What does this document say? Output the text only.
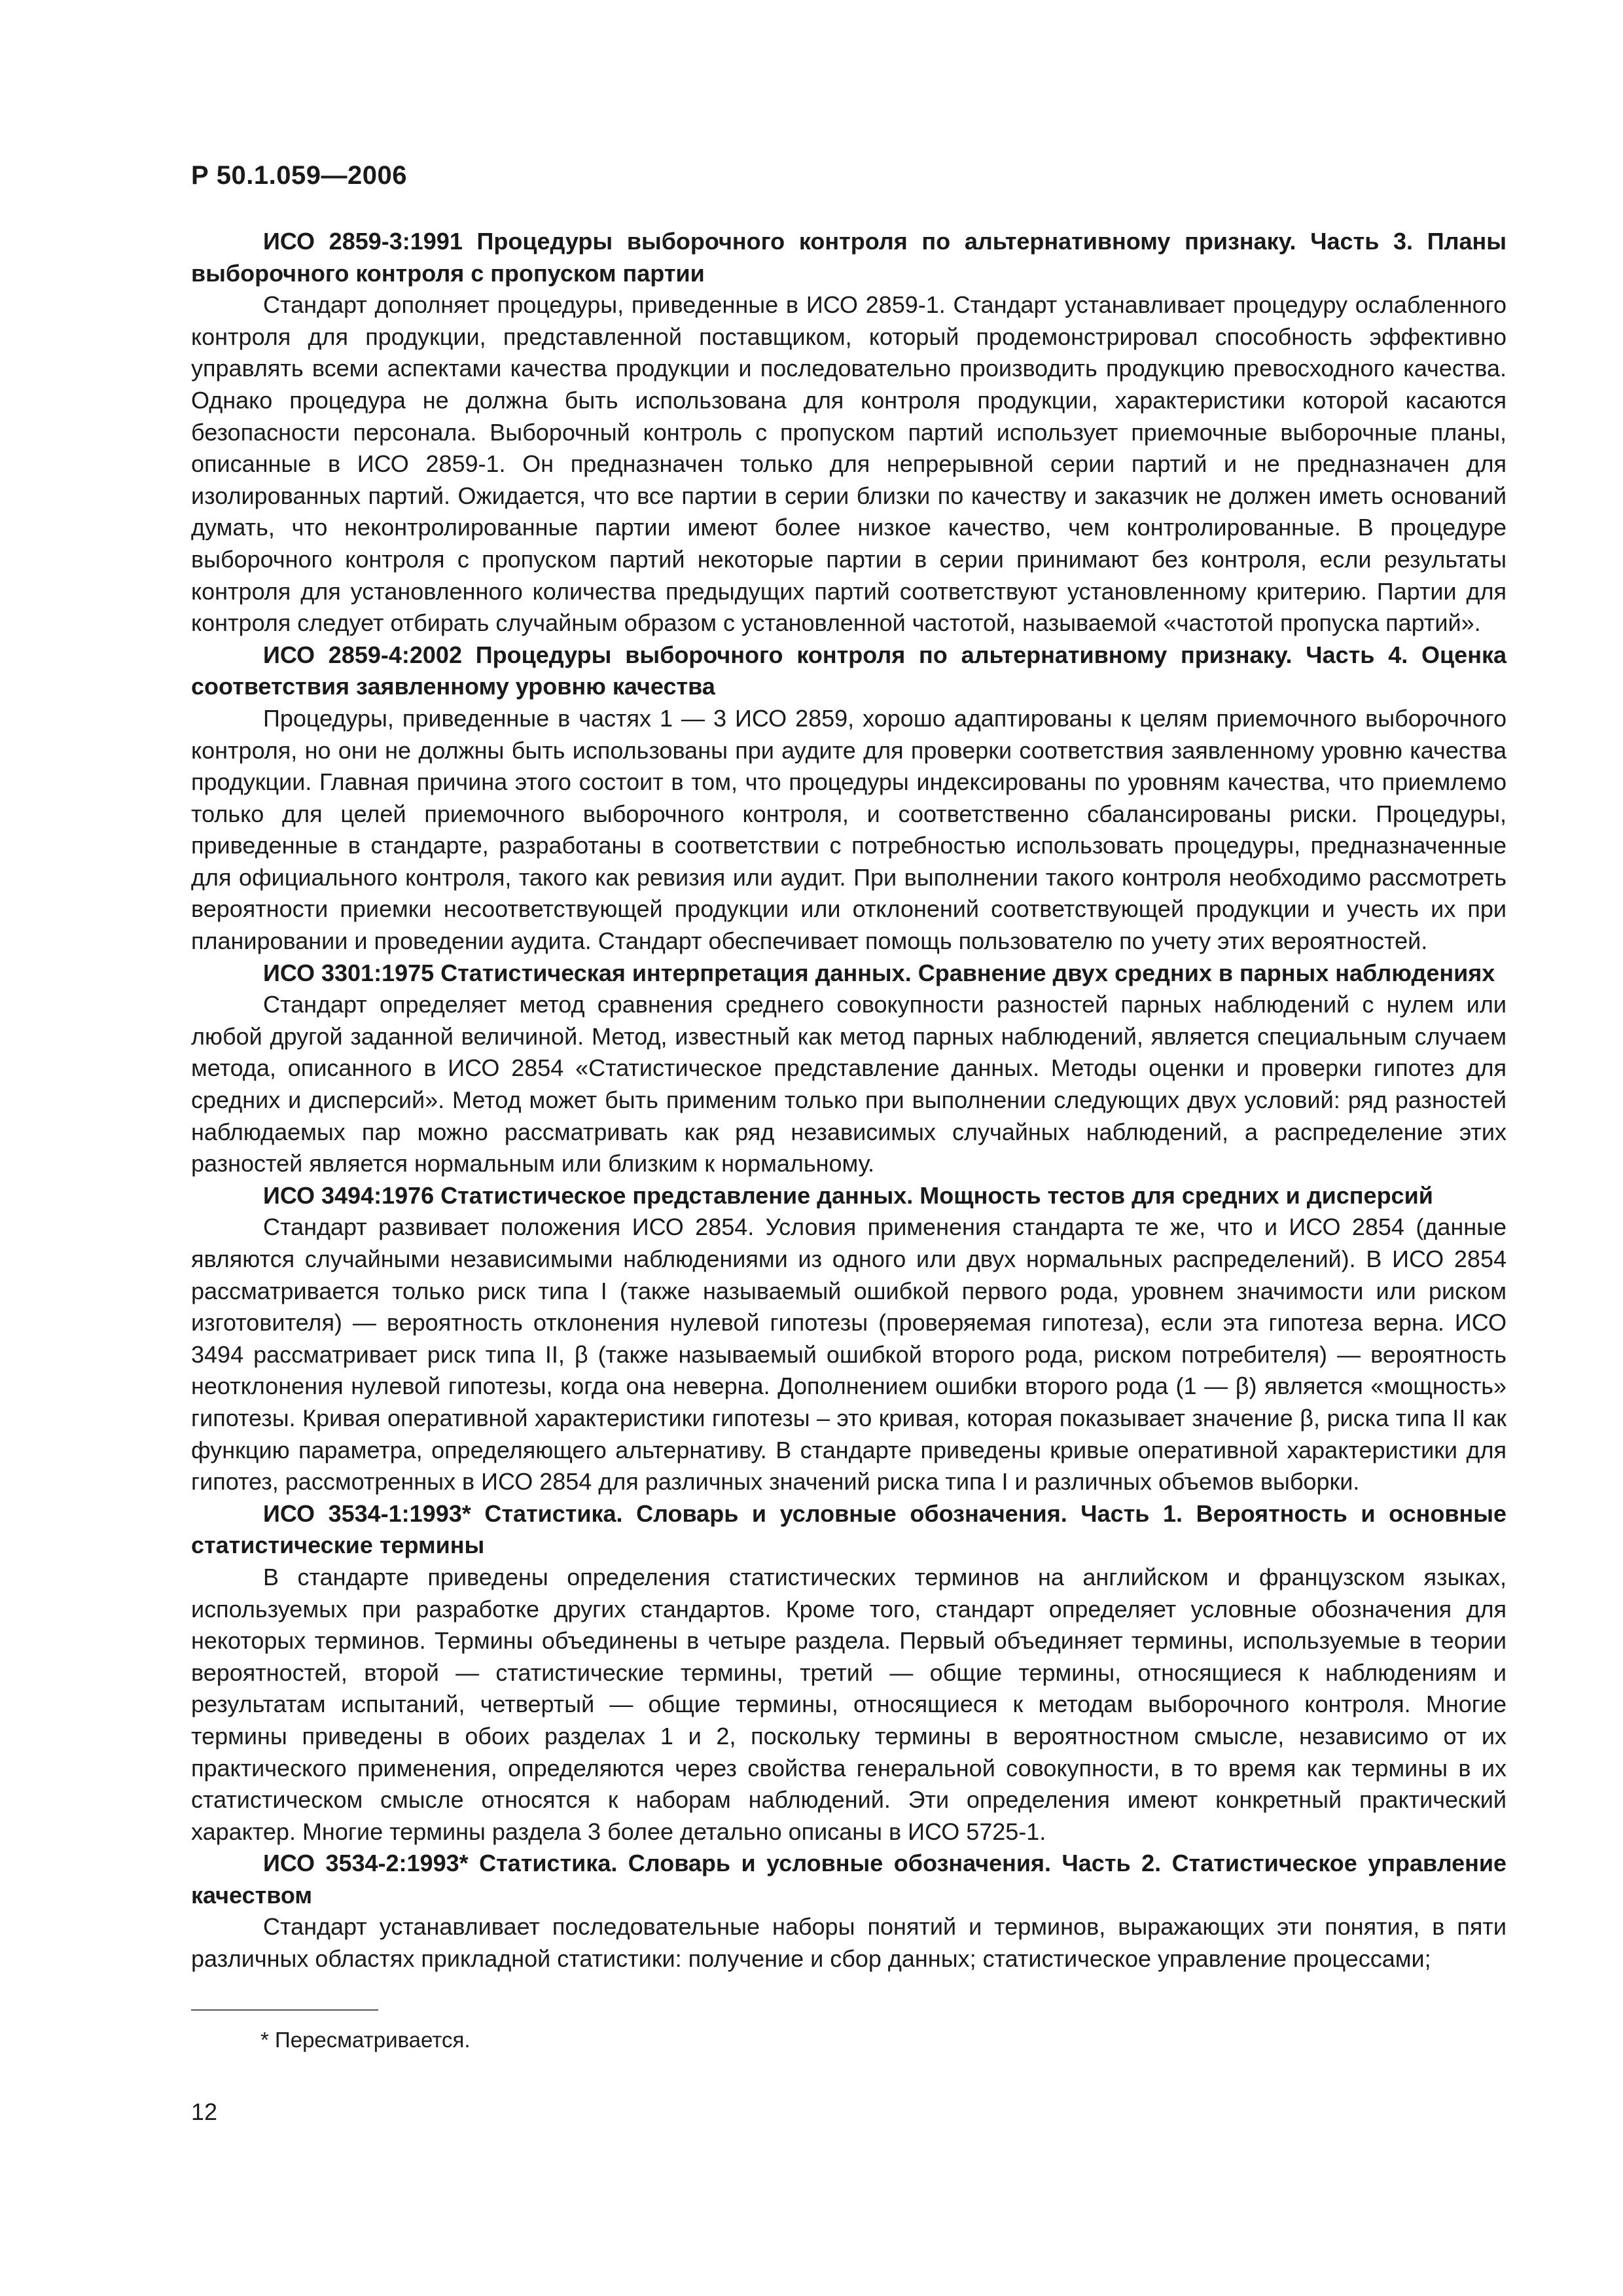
Р 50.1.059—2006

ИСО 2859-3:1991 Процедуры выборочного контроля по альтернативному признаку. Часть 3. Планы выборочного контроля с пропуском партии

Стандарт дополняет процедуры, приведенные в ИСО 2859-1. Стандарт устанавливает процедуру ослабленного контроля для продукции, представленной поставщиком, который продемонстрировал способность эффективно управлять всеми аспектами качества продукции и последовательно производить продукцию превосходного качества. Однако процедура не должна быть использована для контроля продукции, характеристики которой касаются безопасности персонала. Выборочный контроль с пропуском партий использует приемочные выборочные планы, описанные в ИСО 2859-1. Он предназначен только для непрерывной серии партий и не предназначен для изолированных партий. Ожидается, что все партии в серии близки по качеству и заказчик не должен иметь оснований думать, что неконтролированные партии имеют более низкое качество, чем контролированные. В процедуре выборочного контроля с пропуском партий некоторые партии в серии принимают без контроля, если результаты контроля для установленного количества предыдущих партий соответствуют установленному критерию. Партии для контроля следует отбирать случайным образом с установленной частотой, называемой «частотой пропуска партий».

ИСО 2859-4:2002 Процедуры выборочного контроля по альтернативному признаку. Часть 4. Оценка соответствия заявленному уровню качества

Процедуры, приведенные в частях 1 — 3 ИСО 2859, хорошо адаптированы к целям приемочного выборочного контроля, но они не должны быть использованы при аудите для проверки соответствия заявленному уровню качества продукции. Главная причина этого состоит в том, что процедуры индексированы по уровням качества, что приемлемо только для целей приемочного выборочного контроля, и соответственно сбалансированы риски. Процедуры, приведенные в стандарте, разработаны в соответствии с потребностью использовать процедуры, предназначенные для официального контроля, такого как ревизия или аудит. При выполнении такого контроля необходимо рассмотреть вероятности приемки несоответствующей продукции или отклонений соответствующей продукции и учесть их при планировании и проведении аудита. Стандарт обеспечивает помощь пользователю по учету этих вероятностей.

ИСО 3301:1975 Статистическая интерпретация данных. Сравнение двух средних в парных наблюдениях

Стандарт определяет метод сравнения среднего совокупности разностей парных наблюдений с нулем или любой другой заданной величиной. Метод, известный как метод парных наблюдений, является специальным случаем метода, описанного в ИСО 2854 «Статистическое представление данных. Методы оценки и проверки гипотез для средних и дисперсий». Метод может быть применим только при выполнении следующих двух условий: ряд разностей наблюдаемых пар можно рассматривать как ряд независимых случайных наблюдений, а распределение этих разностей является нормальным или близким к нормальному.

ИСО 3494:1976 Статистическое представление данных. Мощность тестов для средних и дисперсий

Стандарт развивает положения ИСО 2854. Условия применения стандарта те же, что и ИСО 2854 (данные являются случайными независимыми наблюдениями из одного или двух нормальных распределений). В ИСО 2854 рассматривается только риск типа I (также называемый ошибкой первого рода, уровнем значимости или риском изготовителя) — вероятность отклонения нулевой гипотезы (проверяемая гипотеза), если эта гипотеза верна. ИСО 3494 рассматривает риск типа II, β (также называемый ошибкой второго рода, риском потребителя) — вероятность неотклонения нулевой гипотезы, когда она неверна. Дополнением ошибки второго рода (1 — β) является «мощность» гипотезы. Кривая оперативной характеристики гипотезы – это кривая, которая показывает значение β, риска типа II как функцию параметра, определяющего альтернативу. В стандарте приведены кривые оперативной характеристики для гипотез, рассмотренных в ИСО 2854 для различных значений риска типа I и различных объемов выборки.

ИСО 3534-1:1993* Статистика. Словарь и условные обозначения. Часть 1. Вероятность и основные статистические термины

В стандарте приведены определения статистических терминов на английском и французском языках, используемых при разработке других стандартов. Кроме того, стандарт определяет условные обозначения для некоторых терминов. Термины объединены в четыре раздела. Первый объединяет термины, используемые в теории вероятностей, второй — статистические термины, третий — общие термины, относящиеся к наблюдениям и результатам испытаний, четвертый — общие термины, относящиеся к методам выборочного контроля. Многие термины приведены в обоих разделах 1 и 2, поскольку термины в вероятностном смысле, независимо от их практического применения, определяются через свойства генеральной совокупности, в то время как термины в их статистическом смысле относятся к наборам наблюдений. Эти определения имеют конкретный практический характер. Многие термины раздела 3 более детально описаны в ИСО 5725-1.

ИСО 3534-2:1993* Статистика. Словарь и условные обозначения. Часть 2. Статистическое управление качеством

Стандарт устанавливает последовательные наборы понятий и терминов, выражающих эти понятия, в пяти различных областях прикладной статистики: получение и сбор данных; статистическое управление процессами;

* Пересматривается.
12
